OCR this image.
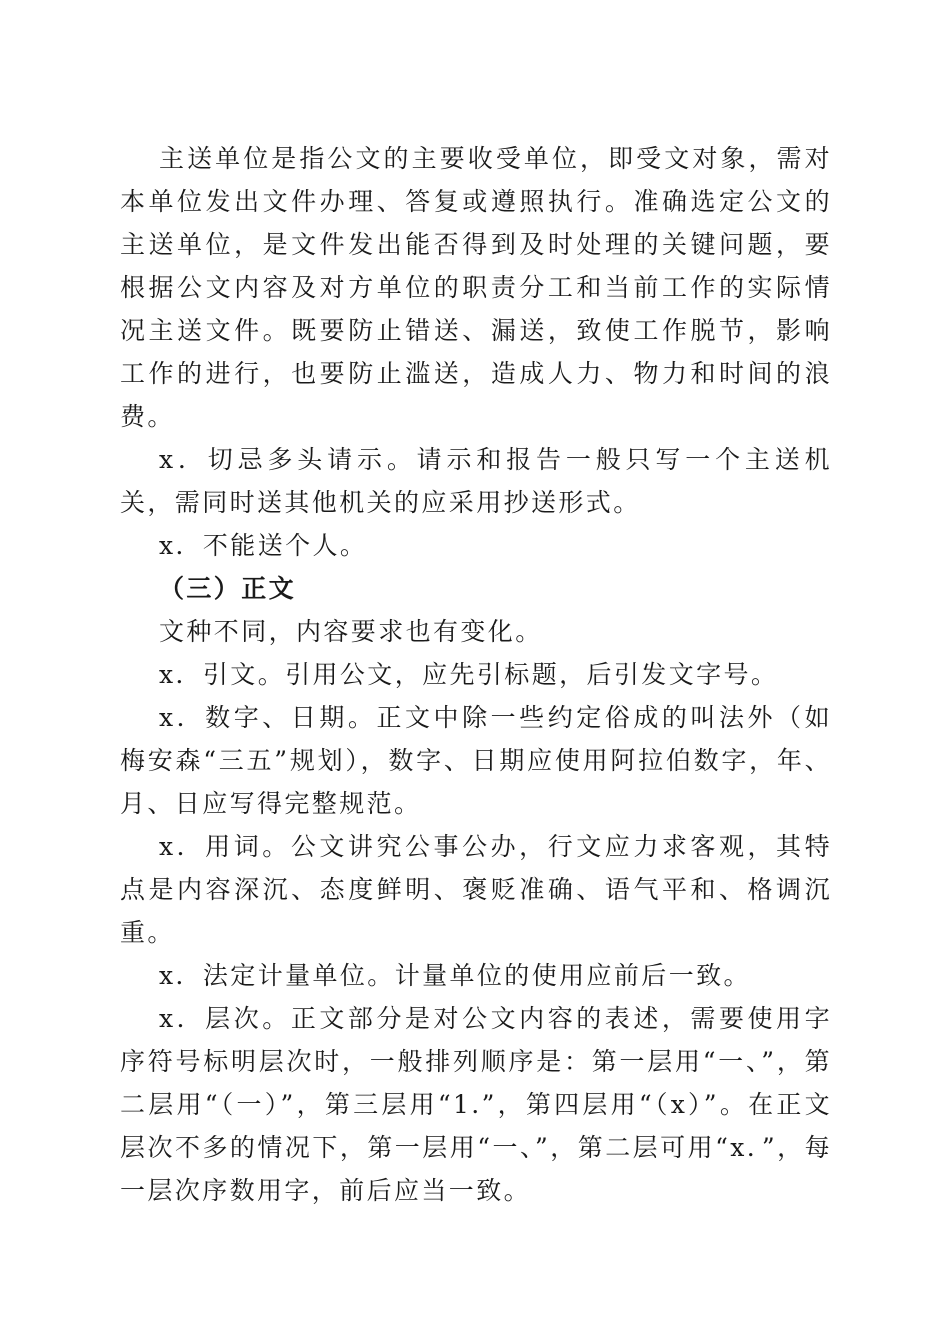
主送单位是指公文的主要收受单位，即受文对象，需对本单位发出文件办理、答复或遵照执行。准确选定公文的主送单位，是文件发出能否得到及时处理的关键问题，要根据公文内容及对方单位的职责分工和当前工作的实际情况主送文件。既要防止错送、漏送，致使工作脱节，影响工作的进行，也要防止滥送，造成人力、物力和时间的浪费。

x．切忌多头请示。请示和报告一般只写一个主送机关，需同时送其他机关的应采用抄送形式。

x．不能送个人。

（三）正文

文种不同，内容要求也有变化。

x．引文。引用公文，应先引标题，后引发文字号。

x．数字、日期。正文中除一些约定俗成的叫法外（如梅安森“三五”规划），数字、日期应使用阿拉伯数字，年、月、日应写得完整规范。

x．用词。公文讲究公事公办，行文应力求客观，其特点是内容深沉、态度鲜明、褒贬准确、语气平和、格调沉重。

x．法定计量单位。计量单位的使用应前后一致。

x．层次。正文部分是对公文内容的表述，需要使用字序符号标明层次时，一般排列顺序是：第一层用“一、”，第二层用“（一）”，第三层用“1.”，第四层用“（x）”。在正文层次不多的情况下，第一层用“一、”，第二层可用“x．”，每一层次序数用字，前后应当一致。
